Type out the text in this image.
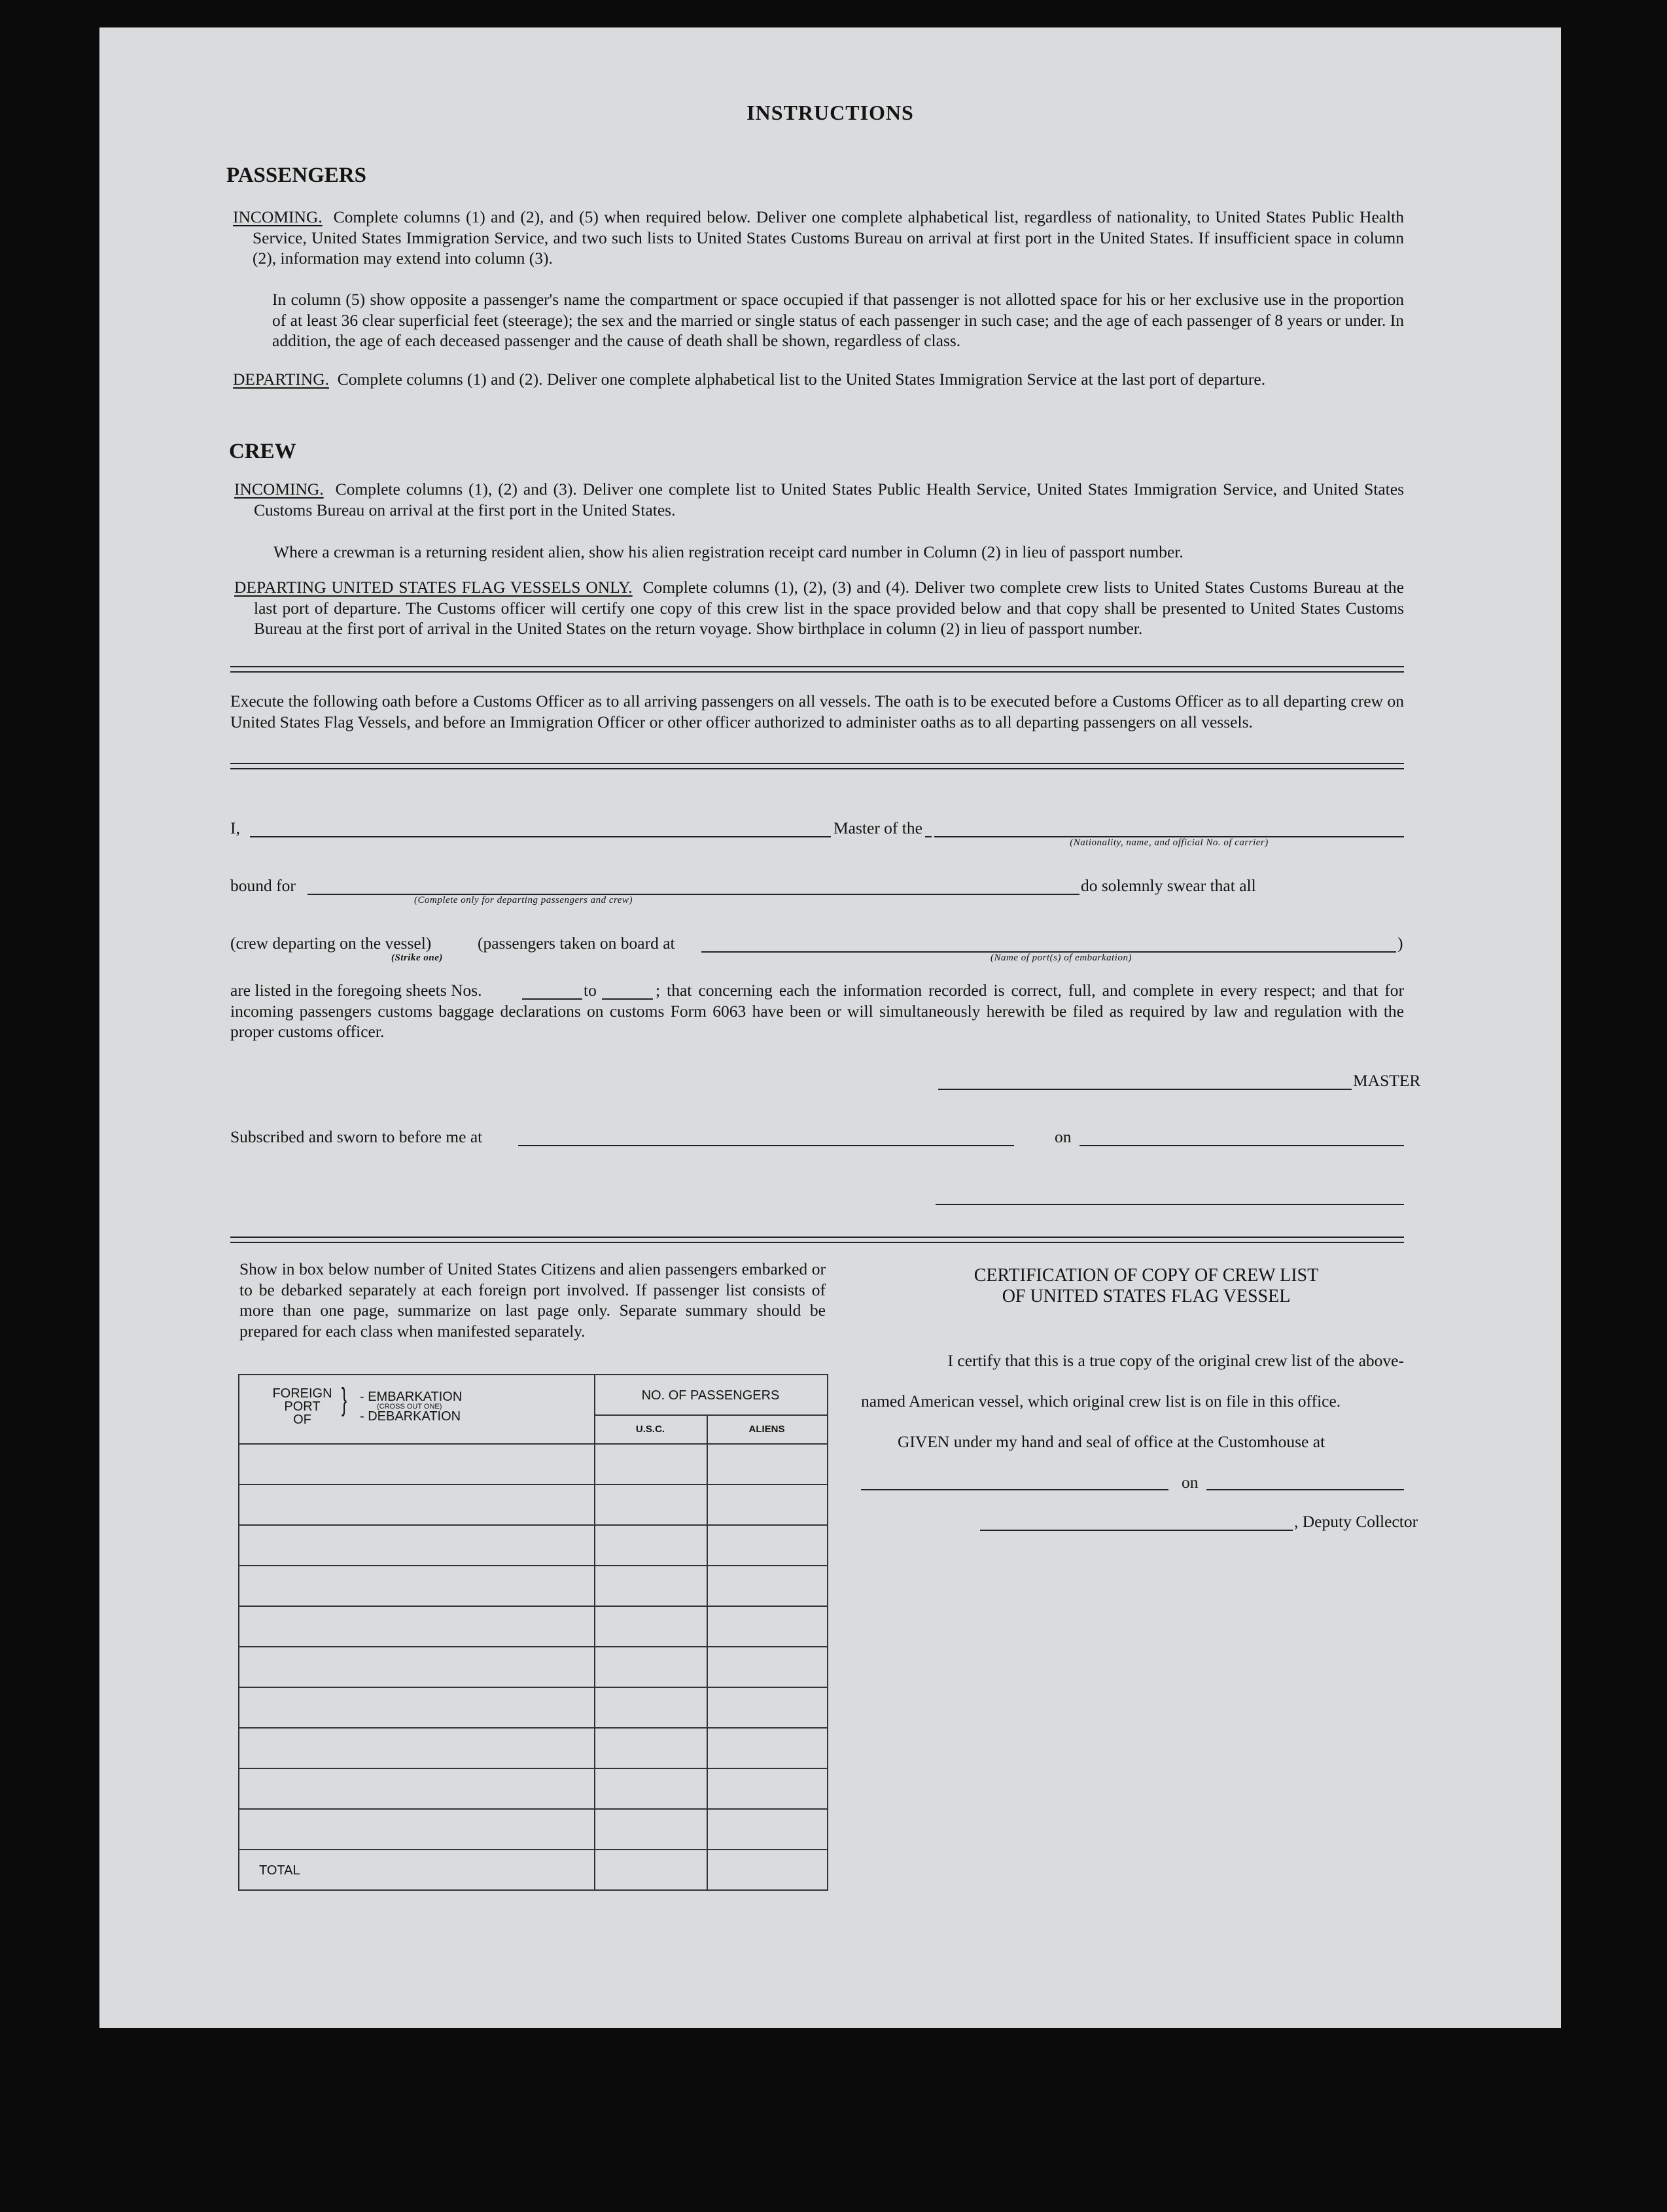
INSTRUCTIONS
PASSENGERS
INCOMING. Complete columns (1) and (2), and (5) when required below. Deliver one complete alphabetical list, regardless of nationality, to United States Public Health Service, United States Immigration Service, and two such lists to United States Customs Bureau on arrival at first port in the United States. If insufficient space in column (2), information may extend into column (3).
In column (5) show opposite a passenger's name the compartment or space occupied if that passenger is not allotted space for his or her exclusive use in the proportion of at least 36 clear superficial feet (steerage); the sex and the married or single status of each passenger in such case; and the age of each passenger of 8 years or under. In addition, the age of each deceased passenger and the cause of death shall be shown, regardless of class.
DEPARTING. Complete columns (1) and (2). Deliver one complete alphabetical list to the United States Immigration Service at the last port of departure.
CREW
INCOMING. Complete columns (1), (2) and (3). Deliver one complete list to United States Public Health Service, United States Immigration Service, and United States Customs Bureau on arrival at the first port in the United States.
Where a crewman is a returning resident alien, show his alien registration receipt card number in Column (2) in lieu of passport number.
DEPARTING UNITED STATES FLAG VESSELS ONLY. Complete columns (1), (2), (3) and (4). Deliver two complete crew lists to United States Customs Bureau at the last port of departure. The Customs officer will certify one copy of this crew list in the space provided below and that copy shall be presented to United States Customs Bureau at the first port of arrival in the United States on the return voyage. Show birthplace in column (2) in lieu of passport number.
Execute the following oath before a Customs Officer as to all arriving passengers on all vessels. The oath is to be executed before a Customs Officer as to all departing crew on United States Flag Vessels, and before an Immigration Officer or other officer authorized to administer oaths as to all departing passengers on all vessels.
I,	Master of the
(Nationality, name, and official No. of carrier)
bound for
(Complete only for departing passengers and crew)
do solemnly swear that all
(crew departing on the vessel)	(passengers taken on board at	)
(Strike one)	(Name of port(s) of embarkation)
are listed in the foregoing sheets Nos.	to	; that concerning each the information recorded is correct, full, and complete in every respect; and that for incoming passengers customs baggage declarations on customs Form 6063 have been or will simultaneously herewith be filed as required by law and regulation with the proper customs officer.
MASTER
Subscribed and sworn to before me at	on
Show in box below number of United States Citizens and alien passengers embarked or to be debarked separately at each foreign port involved. If passenger list consists of more than one page, summarize on last page only. Separate summary should be prepared for each class when manifested separately.
FOREIGN
PORT
OF
} - EMBARKATION
(CROSS OUT ONE)
- DEBARKATION
NO. OF PASSENGERS
U.S.C.	ALIENS
TOTAL
CERTIFICATION OF COPY OF CREW LIST
OF UNITED STATES FLAG VESSEL
I certify that this is a true copy of the original crew list of the above-
named American vessel, which original crew list is on file in this office.
GIVEN under my hand and seal of office at the Customhouse at
on
, Deputy Collector
